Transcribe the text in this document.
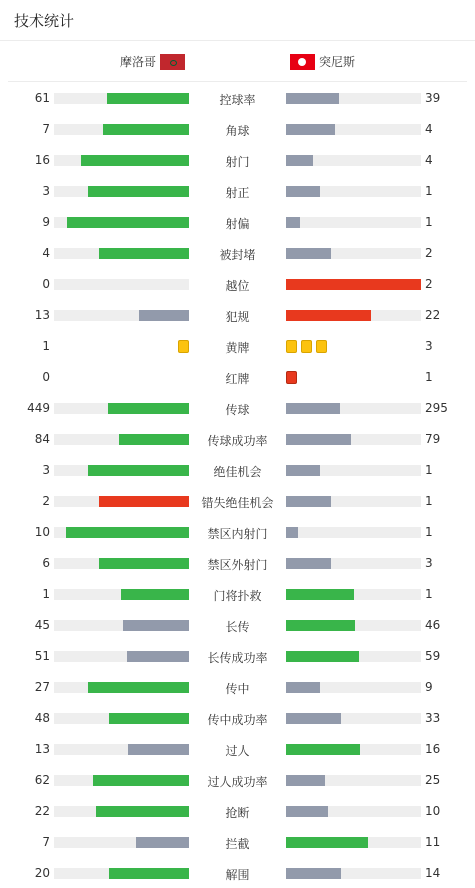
技术统计
摩洛哥	突尼斯
61	控球率	39
7	角球	4
16	射门	4
3	射正	1
9	射偏	1
4	被封堵	2
0	越位	2
13	犯规	22
1	黄牌	3
0	红牌	1
449	传球	295
84	传球成功率	79
3	绝佳机会	1
2	错失绝佳机会	1
10	禁区内射门	1
6	禁区外射门	3
1	门将扑救	1
45	长传	46
51	长传成功率	59
27	传中	9
48	传中成功率	33
13	过人	16
62	过人成功率	25
22	抢断	10
7	拦截	11
20	解围	14
